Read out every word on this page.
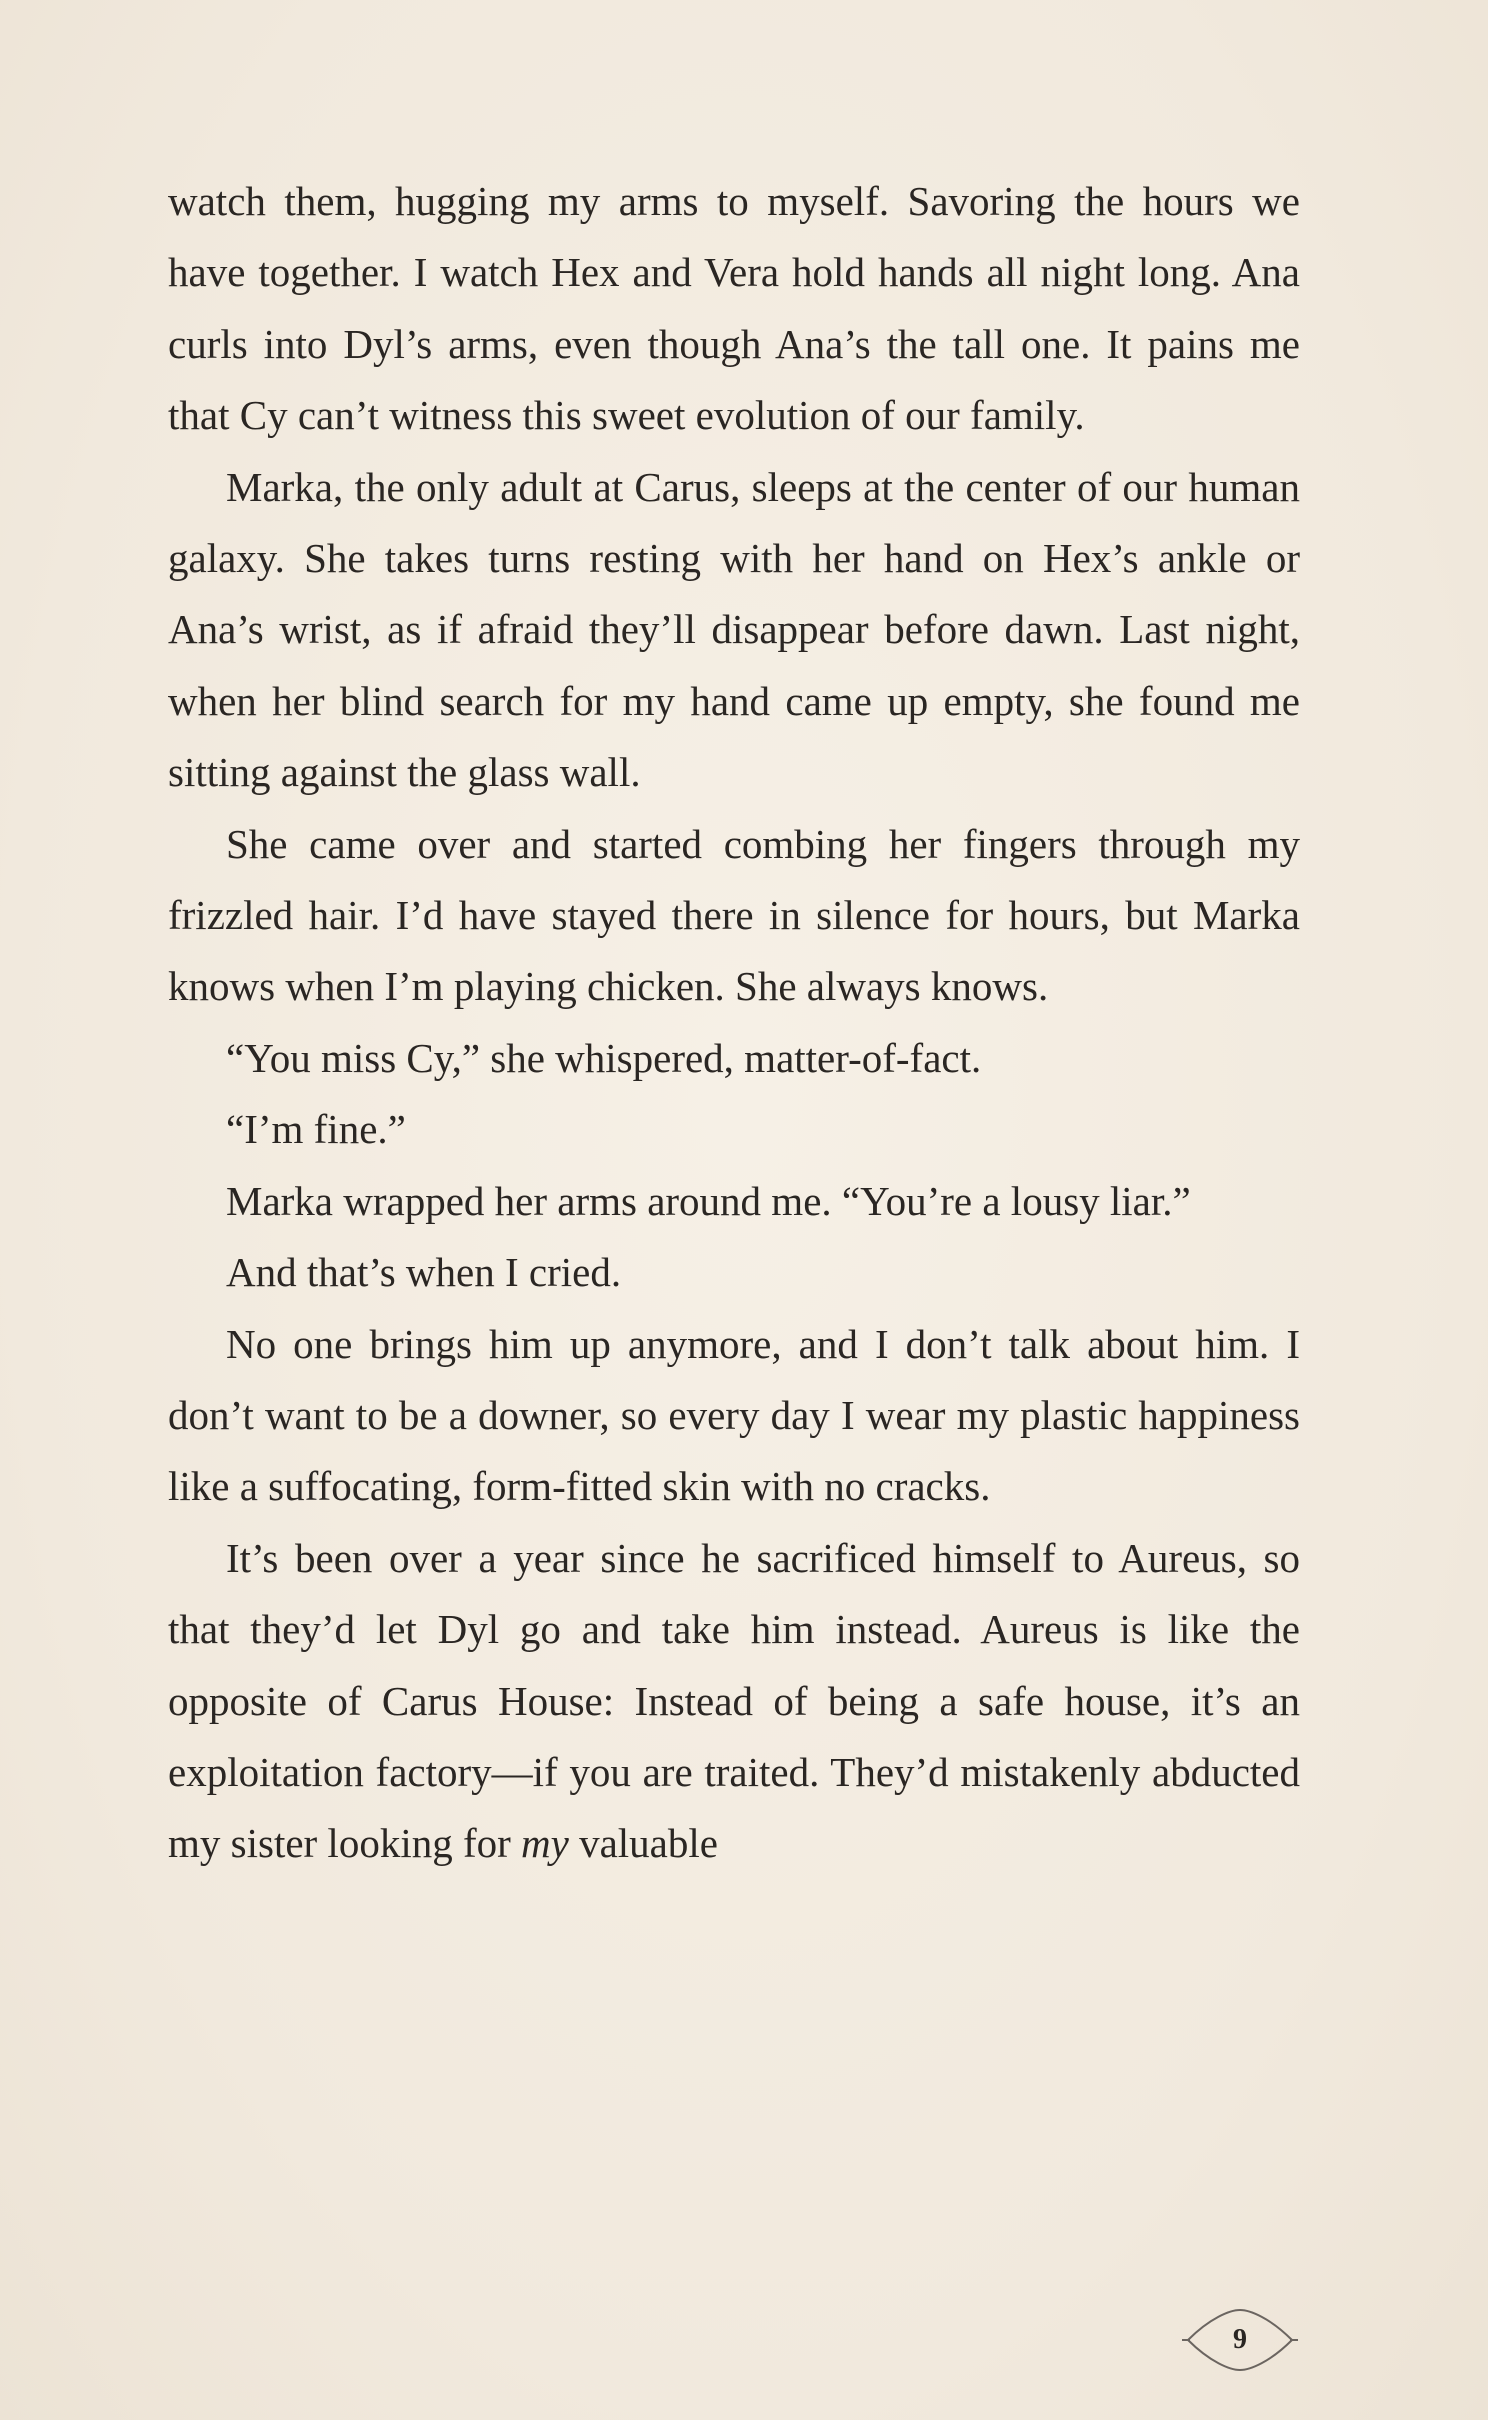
watch them, hugging my arms to myself. Savoring the hours we have together. I watch Hex and Vera hold hands all night long. Ana curls into Dyl’s arms, even though Ana’s the tall one. It pains me that Cy can’t witness this sweet evolution of our family.

Marka, the only adult at Carus, sleeps at the center of our human galaxy. She takes turns resting with her hand on Hex’s ankle or Ana’s wrist, as if afraid they’ll disappear before dawn. Last night, when her blind search for my hand came up empty, she found me sitting against the glass wall.

She came over and started combing her fingers through my frizzled hair. I’d have stayed there in silence for hours, but Marka knows when I’m playing chicken. She always knows.

“You miss Cy,” she whispered, matter-of-fact.

“I’m fine.”

Marka wrapped her arms around me. “You’re a lousy liar.”

And that’s when I cried.

No one brings him up anymore, and I don’t talk about him. I don’t want to be a downer, so every day I wear my plastic happiness like a suffocating, form-fitted skin with no cracks.

It’s been over a year since he sacrificed himself to Aureus, so that they’d let Dyl go and take him instead. Aureus is like the opposite of Carus House: Instead of being a safe house, it’s an exploitation factory—if you are traited. They’d mistakenly abducted my sister looking for my valuable

9
